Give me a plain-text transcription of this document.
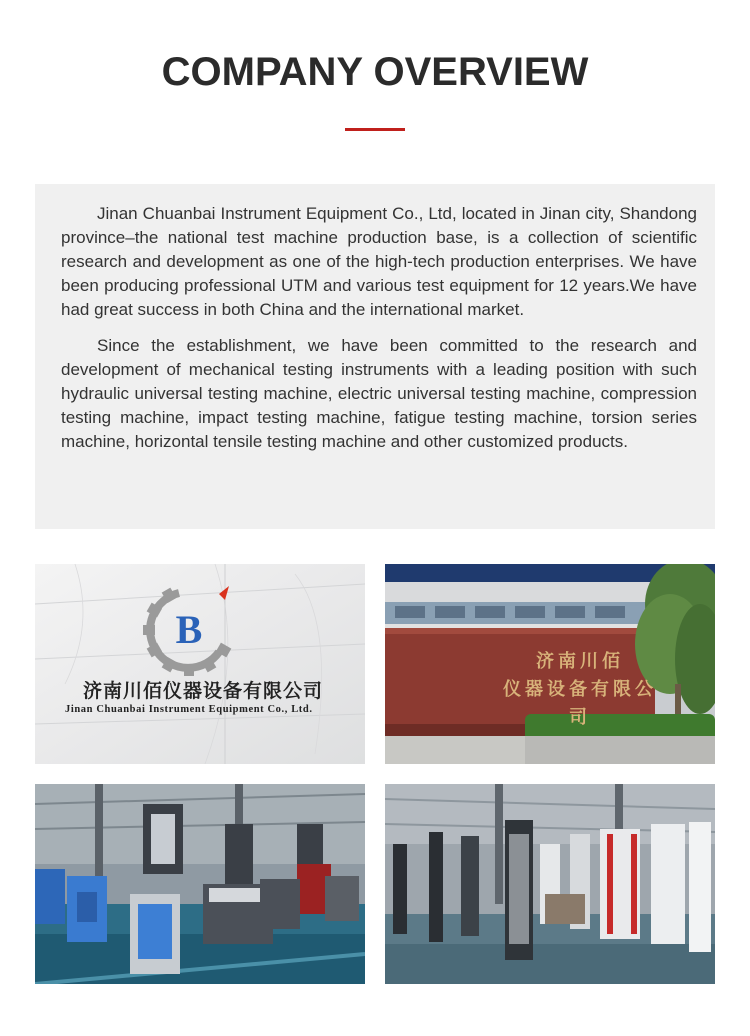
COMPANY OVERVIEW

Jinan Chuanbai Instrument Equipment Co., Ltd, located in Jinan city, Shandong province–the national test machine production base, is a collection of scientific research and development as one of the high-tech production enterprises. We have been producing professional UTM and various test equipment for 12 years.We have had great success in both China and the international market.

Since the establishment, we have been committed to the research and development of mechanical testing instruments with a leading position with such hydraulic universal testing machine, electric universal testing machine, compression testing machine, impact testing machine, fatigue testing machine, torsion series machine, horizontal tensile testing machine and other customized products.

B
济南川佰仪器设备有限公司
Jinan Chuanbai Instrument Equipment Co., Ltd.
济南川佰
仪器设备有限公司
